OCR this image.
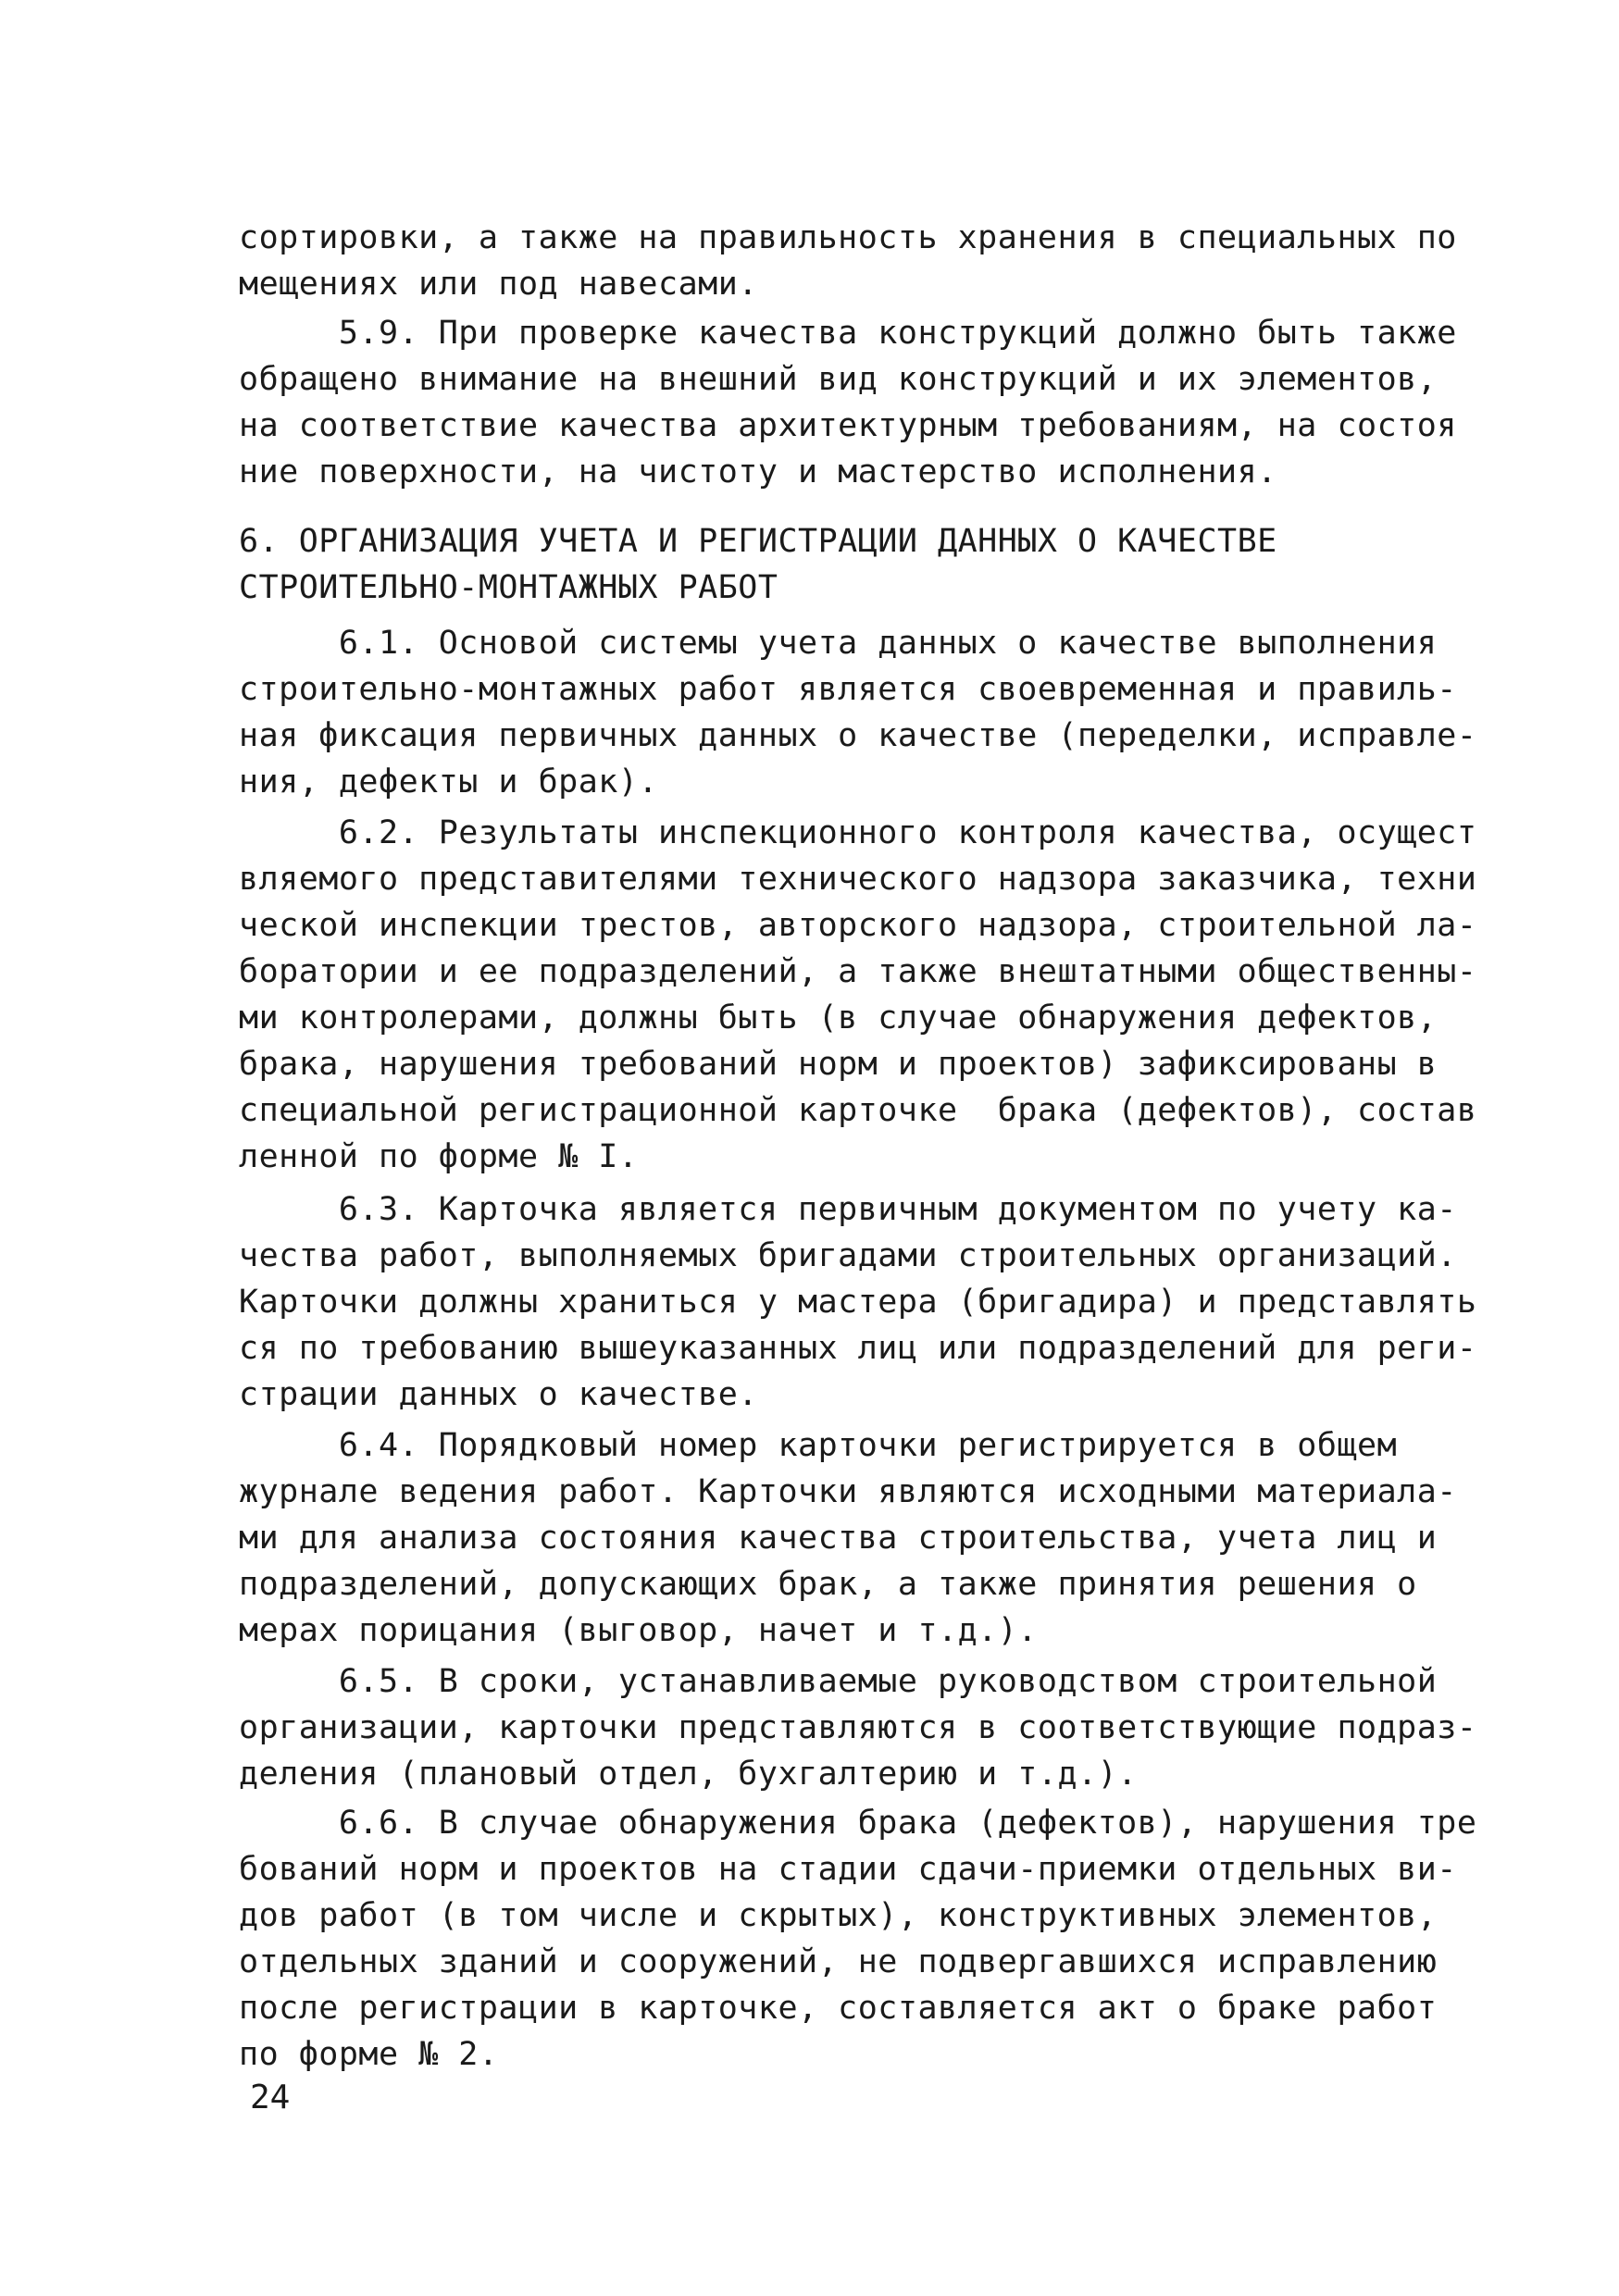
сортировки, а также на правильность хранения в специальных по
мещениях или под навесами.
5.9. При проверке качества конструкций должно быть также
обращено внимание на внешний вид конструкций и их элементов,
на соответствие качества архитектурным требованиям, на состоя
ние поверхности, на чистоту и мастерство исполнения.
6. ОРГАНИЗАЦИЯ УЧЕТА И РЕГИСТРАЦИИ ДАННЫХ О КАЧЕСТВЕ
СТРОИТЕЛЬНО-МОНТАЖНЫХ РАБОТ
6.1. Основой системы учета данных о качестве выполнения
строительно-монтажных работ является своевременная и правиль-
ная фиксация первичных данных о качестве (переделки, исправле-
ния, дефекты и брак).
6.2. Результаты инспекционного контроля качества, осущест
вляемого представителями технического надзора заказчика, техни
ческой инспекции трестов, авторского надзора, строительной ла-
боратории и ее подразделений, а также внештатными общественны-
ми контролерами, должны быть (в случае обнаружения дефектов,
брака, нарушения требований норм и проектов) зафиксированы в
специальной регистрационной карточке  брака (дефектов), состав
ленной по форме № I.
6.3. Карточка является первичным документом по учету ка-
чества работ, выполняемых бригадами строительных организаций.
Карточки должны храниться у мастера (бригадира) и представлять
ся по требованию вышеуказанных лиц или подразделений для реги-
страции данных о качестве.
6.4. Порядковый номер карточки регистрируется в общем
журнале ведения работ. Карточки являются исходными материала-
ми для анализа состояния качества строительства, учета лиц и
подразделений, допускающих брак, а также принятия решения о
мерах порицания (выговор, начет и т.д.).
6.5. В сроки, устанавливаемые руководством строительной
организации, карточки представляются в соответствующие подраз-
деления (плановый отдел, бухгалтерию и т.д.).
6.6. В случае обнаружения брака (дефектов), нарушения тре
бований норм и проектов на стадии сдачи-приемки отдельных ви-
дов работ (в том числе и скрытых), конструктивных элементов,
отдельных зданий и сооружений, не подвергавшихся исправлению
после регистрации в карточке, составляется акт о браке работ
по форме № 2.
24
